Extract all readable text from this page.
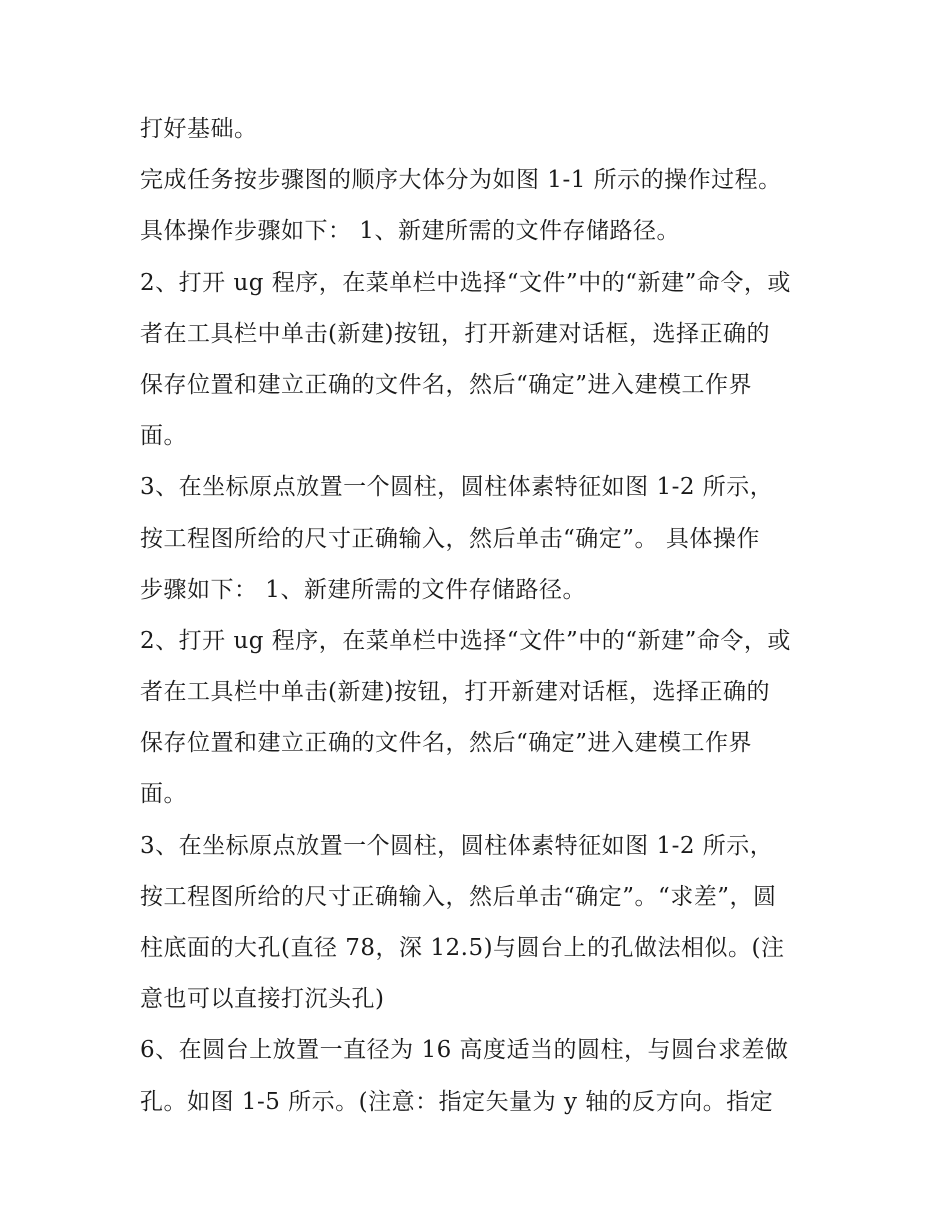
打好基础。
完成任务按步骤图的顺序大体分为如图 1-1 所示的操作过程。
具体操作步骤如下： 1、新建所需的文件存储路径。
2、打开 ug 程序，在菜单栏中选择“文件”中的“新建”命令，或
者在工具栏中单击(新建)按钮，打开新建对话框，选择正确的
保存位置和建立正确的文件名，然后“确定”进入建模工作界
面。
3、在坐标原点放置一个圆柱，圆柱体素特征如图 1-2 所示，
按工程图所给的尺寸正确输入，然后单击“确定”。 具体操作
步骤如下： 1、新建所需的文件存储路径。
2、打开 ug 程序，在菜单栏中选择“文件”中的“新建”命令，或
者在工具栏中单击(新建)按钮，打开新建对话框，选择正确的
保存位置和建立正确的文件名，然后“确定”进入建模工作界
面。
3、在坐标原点放置一个圆柱，圆柱体素特征如图 1-2 所示，
按工程图所给的尺寸正确输入，然后单击“确定”。“求差”，圆
柱底面的大孔(直径 78，深 12.5)与圆台上的孔做法相似。(注
意也可以直接打沉头孔)
6、在圆台上放置一直径为 16 高度适当的圆柱，与圆台求差做
孔。如图 1-5 所示。(注意：指定矢量为 y 轴的反方向。指定
